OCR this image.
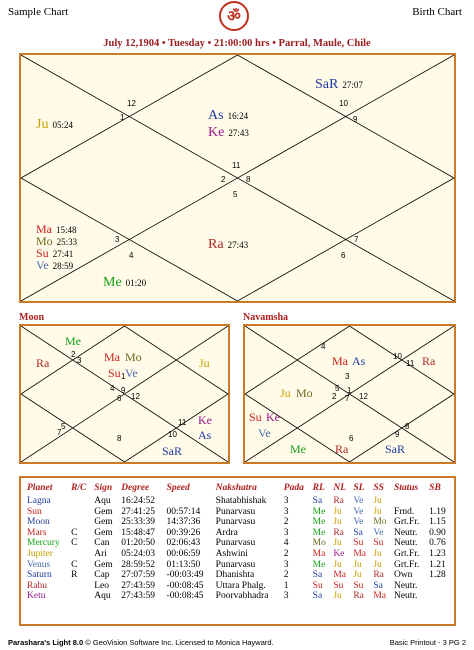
Sample Chart	Birth Chart
ॐ
July 12,1904 • Tuesday • 21:00:00 hrs • Parral, Maule, Chile
1
2
3
4
5
6
7
8
9
10
11
12
Ju 05:24
SaR 27:07
As 16:24
Ke 27:43
Ma 15:48
Mo 25:33
Su 27:41
Ve 28:59
Ra 27:43
Me 01:20
Moon
1
2
3
4
5
6
7
8
9
10
11
12
Me
Ra	Ma Mo
Su Ve
Ju
Ke
As
SaR
Navamsha
1
2
3
4
5
6
7
8
9
10
11
12
Ma As	Ra
Ju Mo
Su Ke
Ve
Me	SaR
Ra
Planet	R/C	Sign	Degree	Speed	Nakshatra	Pada	RL	NL	SL	SS	Status	SB
Lagna		Aqu	16:24:52		Shatabhishak	3	Sa	Ra	Ve	Ju		
Sun		Gem	27:41:25	00:57:14	Punarvasu	3	Me	Ju	Ve	Ju	Frnd.	1.19
Moon		Gem	25:33:39	14:37:36	Punarvasu	2	Me	Ju	Ve	Mo	Grt.Fr.	1.15
Mars	C	Gem	15:48:47	00:39:26	Ardra	3	Me	Ra	Sa	Ve	Neutr.	0.90
Mercury	C	Can	01:20:50	02:06:43	Punarvasu	4	Mo	Ju	Su	Su	Neutr.	0.76
Jupiter		Ari	05:24:03	00:06:59	Ashwini	2	Ma	Ke	Ma	Ju	Grt.Fr.	1.23
Venus	C	Gem	28:59:52	01:13:50	Punarvasu	3	Me	Ju	Ju	Ju	Grt.Fr.	1.21
Saturn	R	Cap	27:07:59	-00:03:49	Dhanishta	2	Sa	Ma	Ju	Ra	Own	1.28
Rahu		Leo	27:43:59	-00:08:45	Uttara Phalg.	1	Su	Su	Su	Sa	Neutr.	
Ketu		Aqu	27:43:59	-00:08:45	Poorvabhadra	3	Sa	Ju	Ra	Ma	Neutr.	
Parashara's Light 8.0 © GeoVision Software Inc. Licensed to Monica Hayward.	Basic Printout - 3 PG 2
